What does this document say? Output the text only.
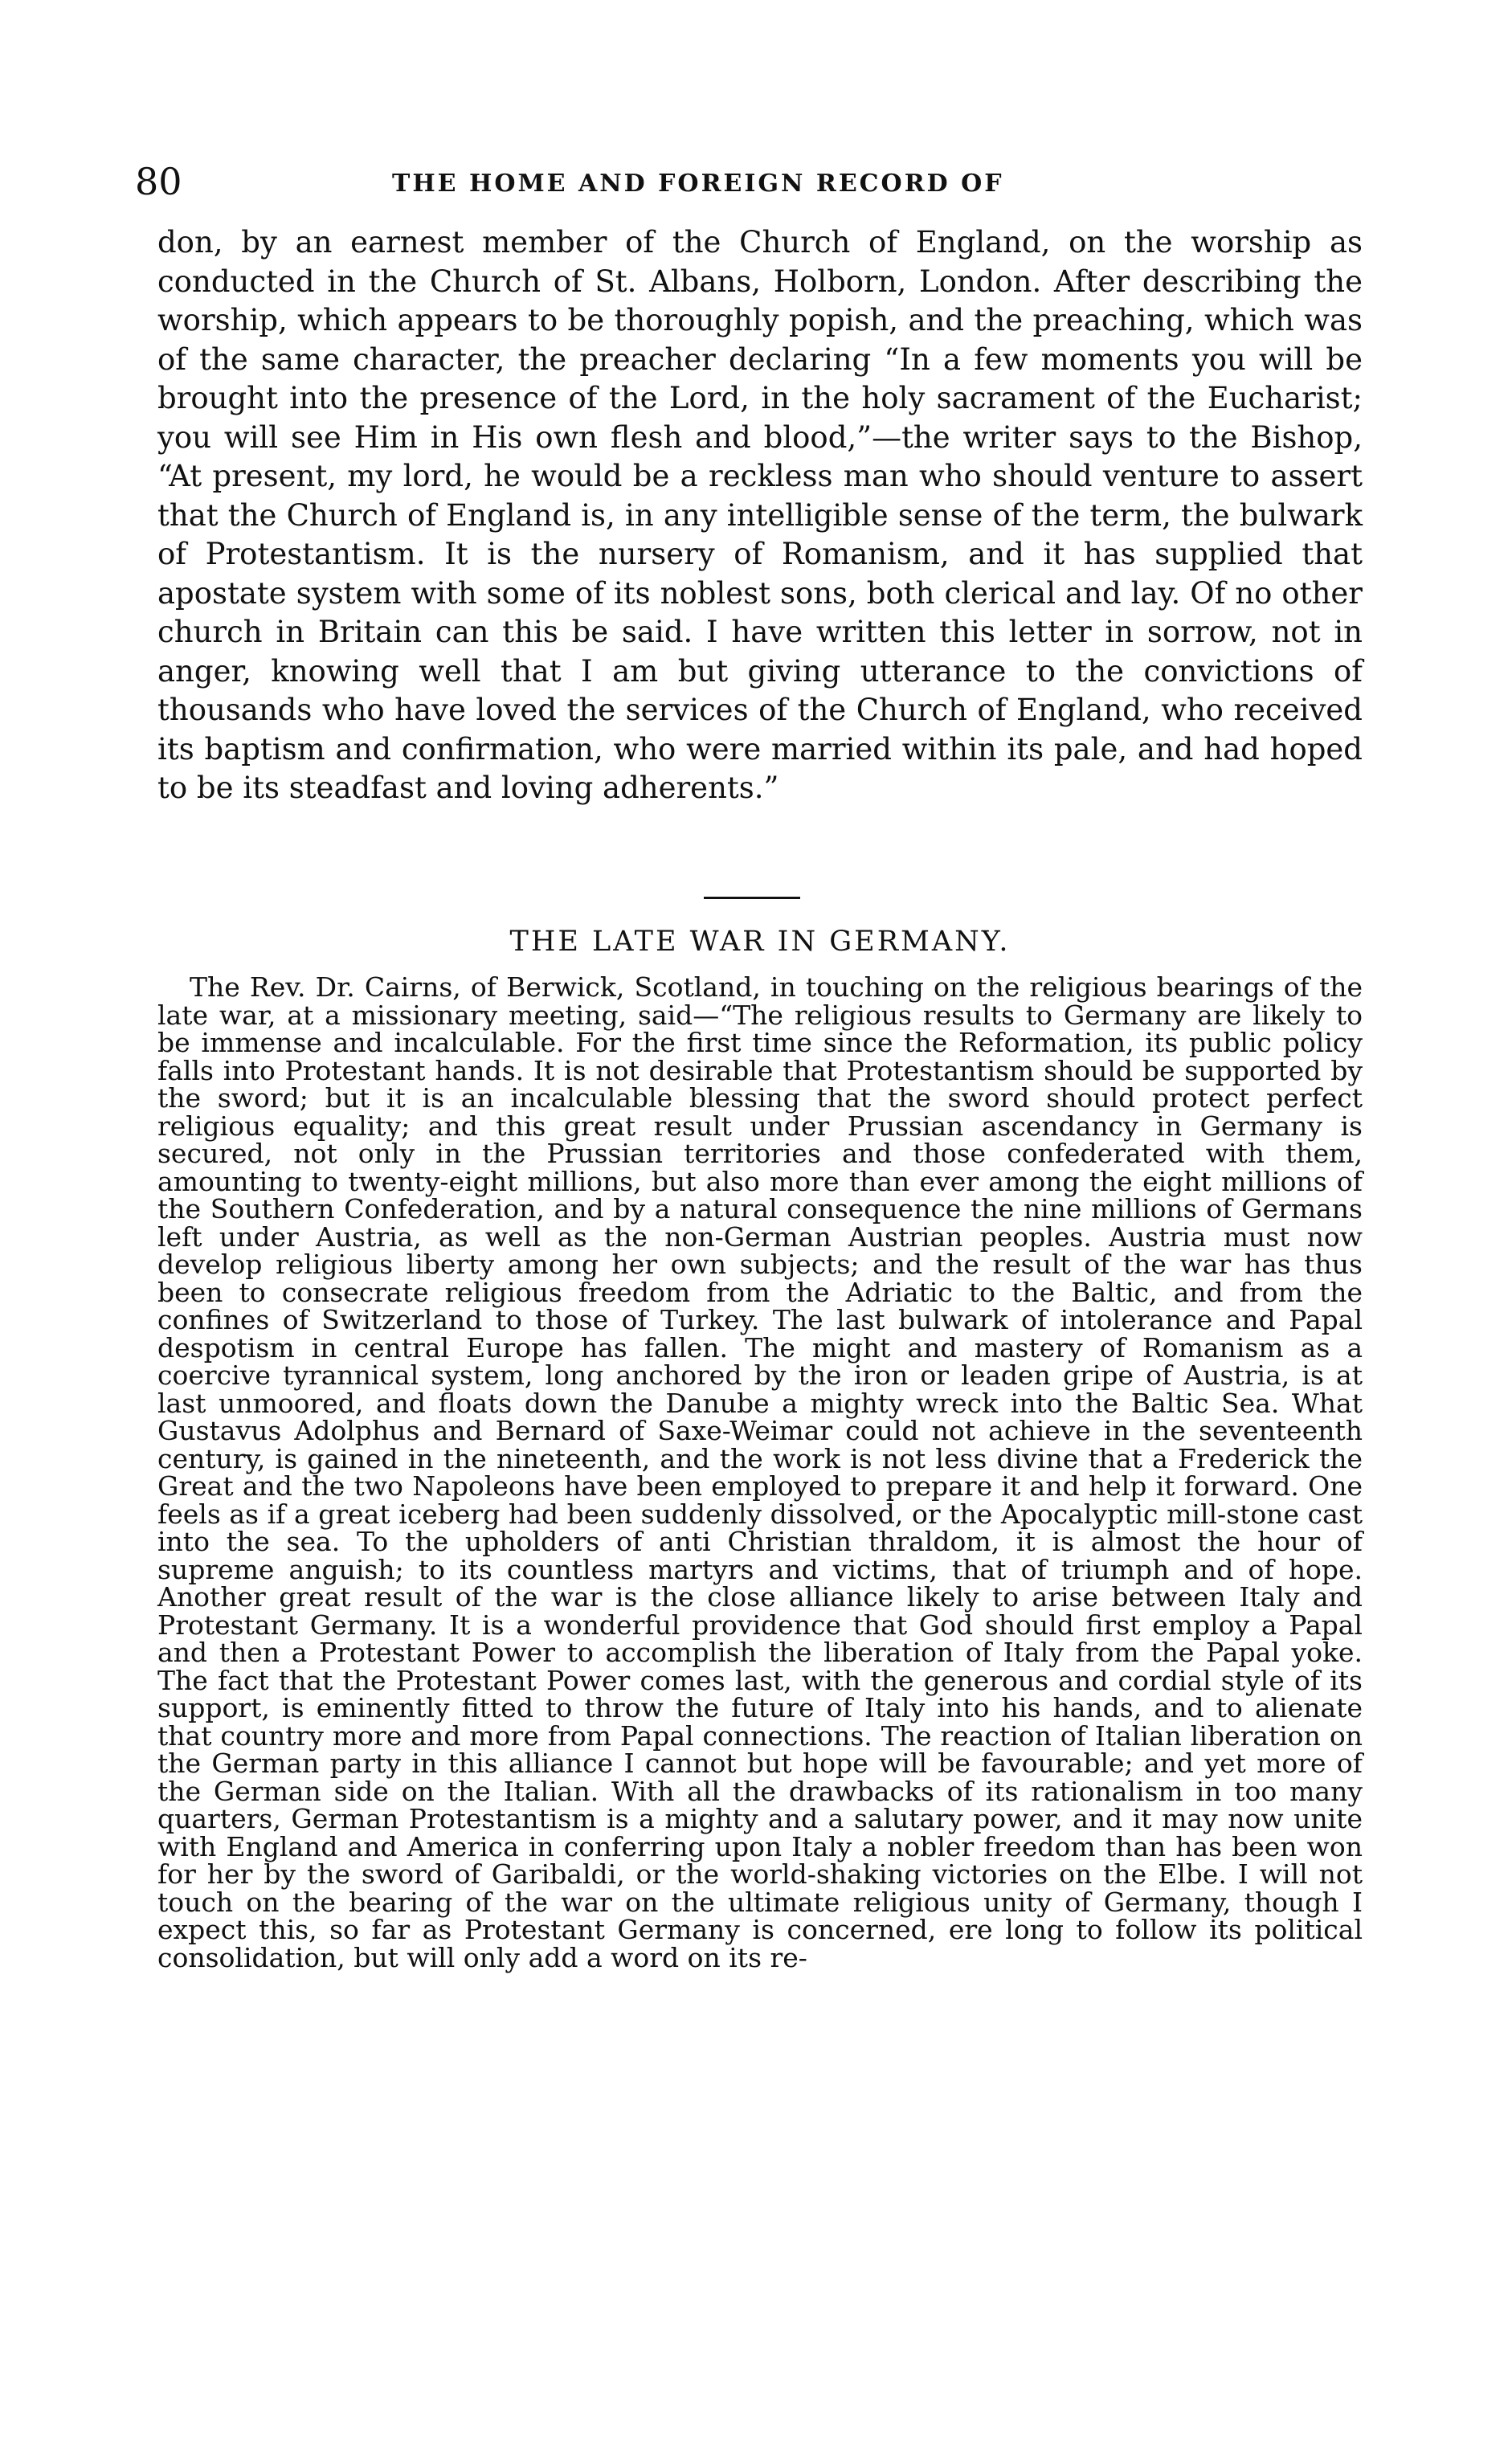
80	THE HOME AND FOREIGN RECORD OF

don, by an earnest member of the Church of England, on the worship as conducted in the Church of St. Albans, Holborn, London. After describing the worship, which appears to be thoroughly popish, and the preaching, which was of the same character, the preacher declaring “In a few moments you will be brought into the presence of the Lord, in the holy sacrament of the Eucharist; you will see Him in His own flesh and blood,”—the writer says to the Bishop, “At present, my lord, he would be a reckless man who should venture to assert that the Church of England is, in any intelligible sense of the term, the bulwark of Protestantism. It is the nursery of Romanism, and it has supplied that apostate system with some of its noblest sons, both clerical and lay. Of no other church in Britain can this be said. I have written this letter in sorrow, not in anger, knowing well that I am but giving utterance to the convictions of thousands who have loved the services of the Church of England, who received its baptism and confirmation, who were married within its pale, and had hoped to be its steadfast and loving adherents.”

THE LATE WAR IN GERMANY.

The Rev. Dr. Cairns, of Berwick, Scotland, in touching on the religious bearings of the late war, at a missionary meeting, said—“The religious results to Germany are likely to be immense and incalculable. For the first time since the Reformation, its public policy falls into Protestant hands. It is not desirable that Protestantism should be supported by the sword; but it is an incalculable blessing that the sword should protect perfect religious equality; and this great result under Prussian ascendancy in Germany is secured, not only in the Prussian territories and those confederated with them, amounting to twenty-eight millions, but also more than ever among the eight millions of the Southern Confederation, and by a natural consequence the nine millions of Germans left under Austria, as well as the non-German Austrian peoples. Austria must now develop religious liberty among her own subjects; and the result of the war has thus been to consecrate religious freedom from the Adriatic to the Baltic, and from the confines of Switzerland to those of Turkey. The last bulwark of intolerance and Papal despotism in central Europe has fallen. The might and mastery of Romanism as a coercive tyrannical system, long anchored by the iron or leaden gripe of Austria, is at last unmoored, and floats down the Danube a mighty wreck into the Baltic Sea. What Gustavus Adolphus and Bernard of Saxe-Weimar could not achieve in the seventeenth century, is gained in the nineteenth, and the work is not less divine that a Frederick the Great and the two Napoleons have been employed to prepare it and help it forward. One feels as if a great iceberg had been suddenly dissolved, or the Apocalyptic mill-stone cast into the sea. To the upholders of anti Christian thraldom, it is almost the hour of supreme anguish; to its countless martyrs and victims, that of triumph and of hope. Another great result of the war is the close alliance likely to arise between Italy and Protestant Germany. It is a wonderful providence that God should first employ a Papal and then a Protestant Power to accomplish the liberation of Italy from the Papal yoke. The fact that the Protestant Power comes last, with the generous and cordial style of its support, is eminently fitted to throw the future of Italy into his hands, and to alienate that country more and more from Papal connections. The reaction of Italian liberation on the German party in this alliance I cannot but hope will be favourable; and yet more of the German side on the Italian. With all the drawbacks of its rationalism in too many quarters, German Protestantism is a mighty and a salutary power, and it may now unite with England and America in conferring upon Italy a nobler freedom than has been won for her by the sword of Garibaldi, or the world-shaking victories on the Elbe. I will not touch on the bearing of the war on the ultimate religious unity of Germany, though I expect this, so far as Protestant Germany is concerned, ere long to follow its political consolidation, but will only add a word on its re-
